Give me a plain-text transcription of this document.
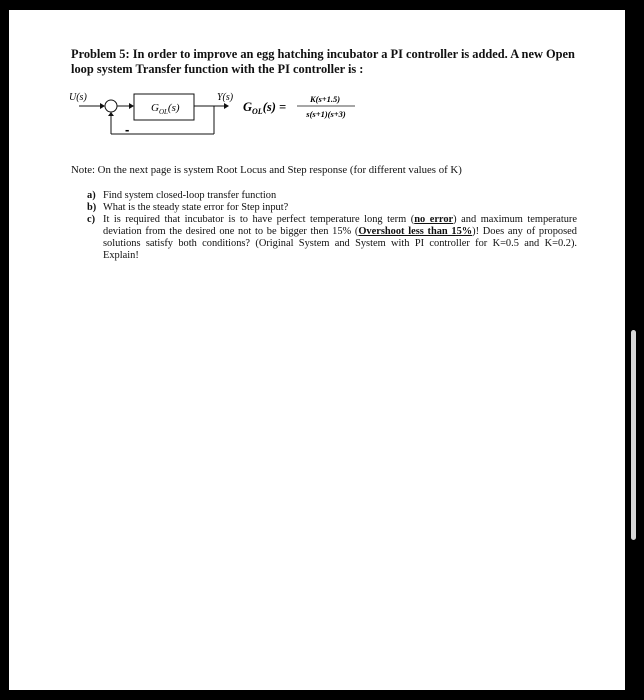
Problem 5: In order to improve an egg hatching incubator a PI controller is added. A new Open loop system Transfer function with the PI controller is :
U(s)
$G_{OL}(s)$
Y(s)
-
$G_{OL}(s)$ =
K(s+1.5)
s(s+1)(s+3)
Note: On the next page is system Root Locus and Step response (for different values of K)
a) Find system closed-loop transfer function
b) What is the steady state error for Step input?
c) It is required that incubator is to have perfect temperature long term (no error) and maximum temperature deviation from the desired one not to be bigger then 15% (Overshoot less than 15%)! Does any of proposed solutions satisfy both conditions? (Original System and System with PI controller for K=0.5 and K=0.2). Explain!
